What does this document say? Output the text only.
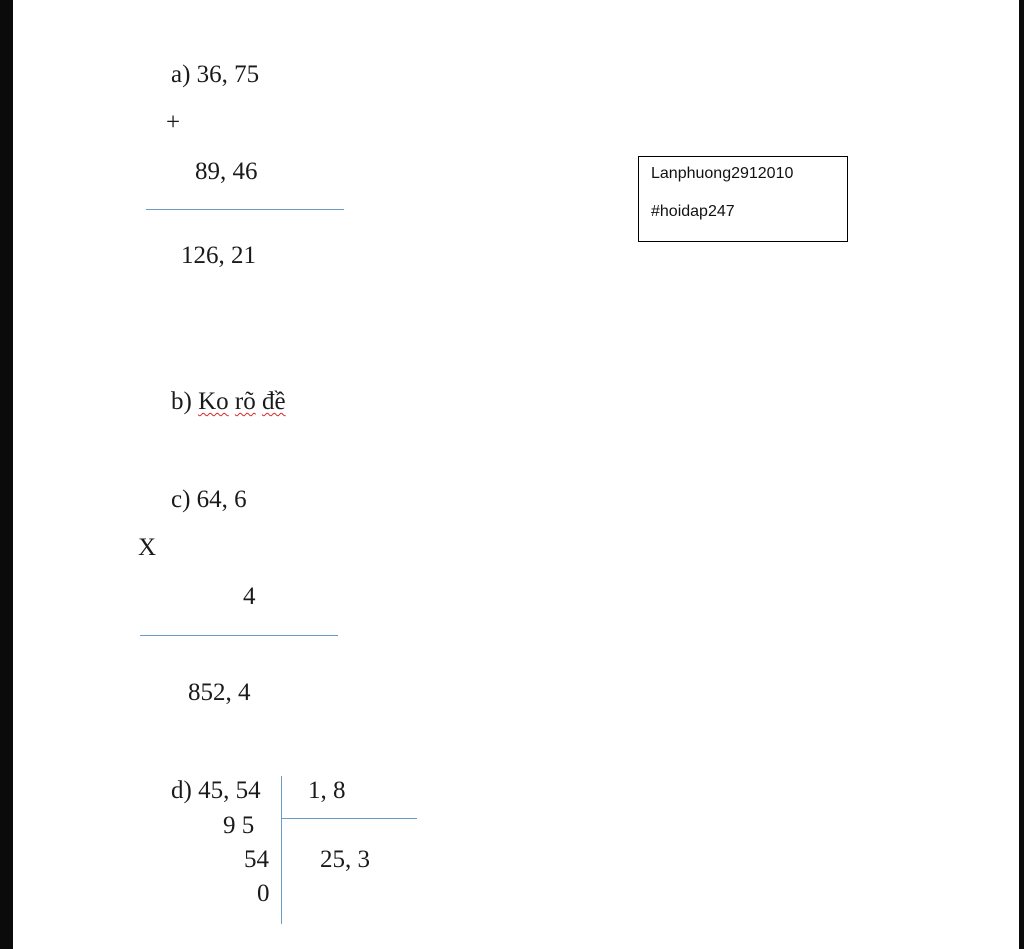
a) 36, 75
+
89, 46
126, 21
b) Ko rõ đề
c) 64, 6
X
4
852, 4
d) 45, 54 1, 8
9 5
54 25, 3
0
Lanphuong2912010
#hoidap247
